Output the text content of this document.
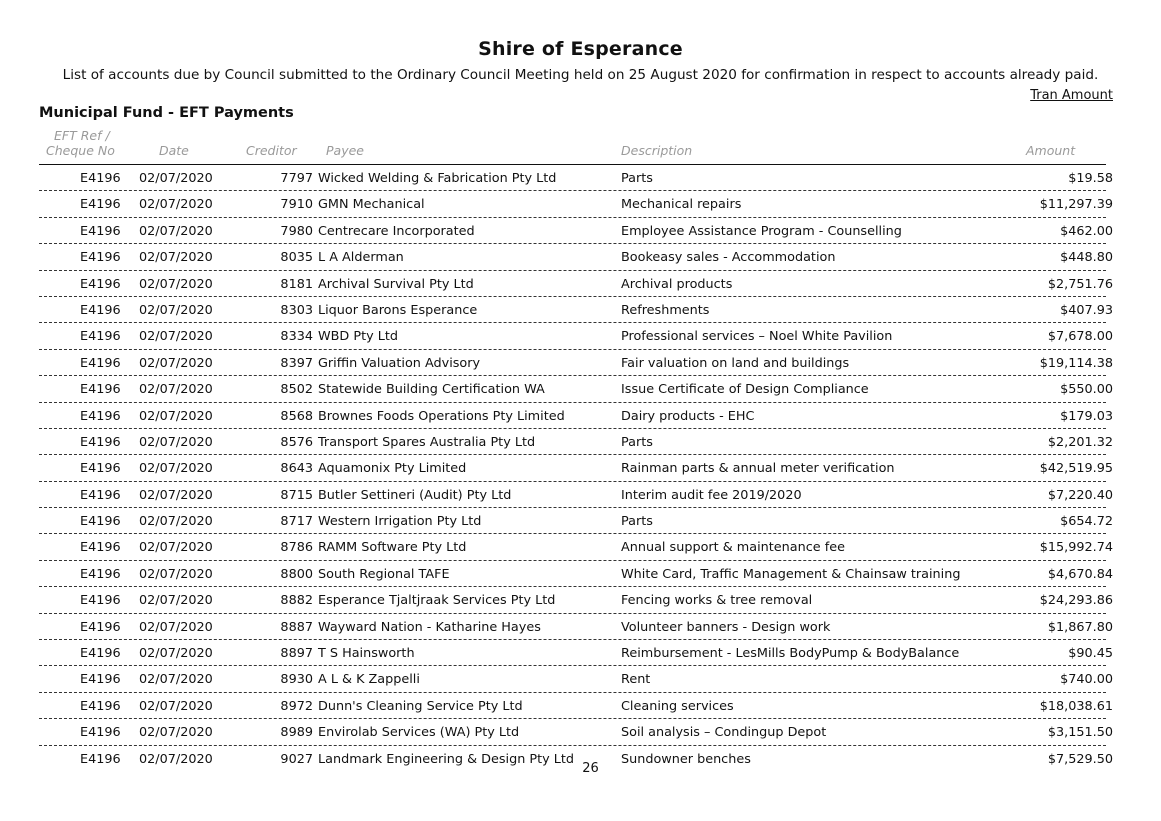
Shire of Esperance
List of accounts due by Council submitted to the Ordinary Council Meeting held on 25 August 2020 for confirmation in respect to accounts already paid.
Tran Amount
Municipal Fund - EFT Payments
EFT Ref /
Cheque No	Date	Creditor Payee	Description	Amount
E4196 02/07/2020	7797 Wicked Welding & Fabrication Pty Ltd	Parts	$19.58
E4196 02/07/2020	7910 GMN Mechanical	Mechanical repairs	$11,297.39
E4196 02/07/2020	7980 Centrecare Incorporated	Employee Assistance Program - Counselling	$462.00
E4196 02/07/2020	8035 L A Alderman	Bookeasy sales - Accommodation	$448.80
E4196 02/07/2020	8181 Archival Survival Pty Ltd	Archival products	$2,751.76
E4196 02/07/2020	8303 Liquor Barons Esperance	Refreshments	$407.93
E4196 02/07/2020	8334 WBD Pty Ltd	Professional services – Noel White Pavilion	$7,678.00
E4196 02/07/2020	8397 Griffin Valuation Advisory	Fair valuation on land and buildings	$19,114.38
E4196 02/07/2020	8502 Statewide Building Certification WA	Issue Certificate of Design Compliance	$550.00
E4196 02/07/2020	8568 Brownes Foods Operations Pty Limited	Dairy products - EHC	$179.03
E4196 02/07/2020	8576 Transport Spares Australia Pty Ltd	Parts	$2,201.32
E4196 02/07/2020	8643 Aquamonix Pty Limited	Rainman parts & annual meter verification	$42,519.95
E4196 02/07/2020	8715 Butler Settineri (Audit) Pty Ltd	Interim audit fee 2019/2020	$7,220.40
E4196 02/07/2020	8717 Western Irrigation Pty Ltd	Parts	$654.72
E4196 02/07/2020	8786 RAMM Software Pty Ltd	Annual support & maintenance fee	$15,992.74
E4196 02/07/2020	8800 South Regional TAFE	White Card, Traffic Management & Chainsaw training	$4,670.84
E4196 02/07/2020	8882 Esperance Tjaltjraak Services Pty Ltd	Fencing works & tree removal	$24,293.86
E4196 02/07/2020	8887 Wayward Nation - Katharine Hayes	Volunteer banners - Design work	$1,867.80
E4196 02/07/2020	8897 T S Hainsworth	Reimbursement - LesMills BodyPump & BodyBalance	$90.45
E4196 02/07/2020	8930 A L & K Zappelli	Rent	$740.00
E4196 02/07/2020	8972 Dunn's Cleaning Service Pty Ltd	Cleaning services	$18,038.61
E4196 02/07/2020	8989 Envirolab Services (WA) Pty Ltd	Soil analysis – Condingup Depot	$3,151.50
E4196 02/07/2020	9027 Landmark Engineering & Design Pty Ltd	Sundowner benches	$7,529.50
26
